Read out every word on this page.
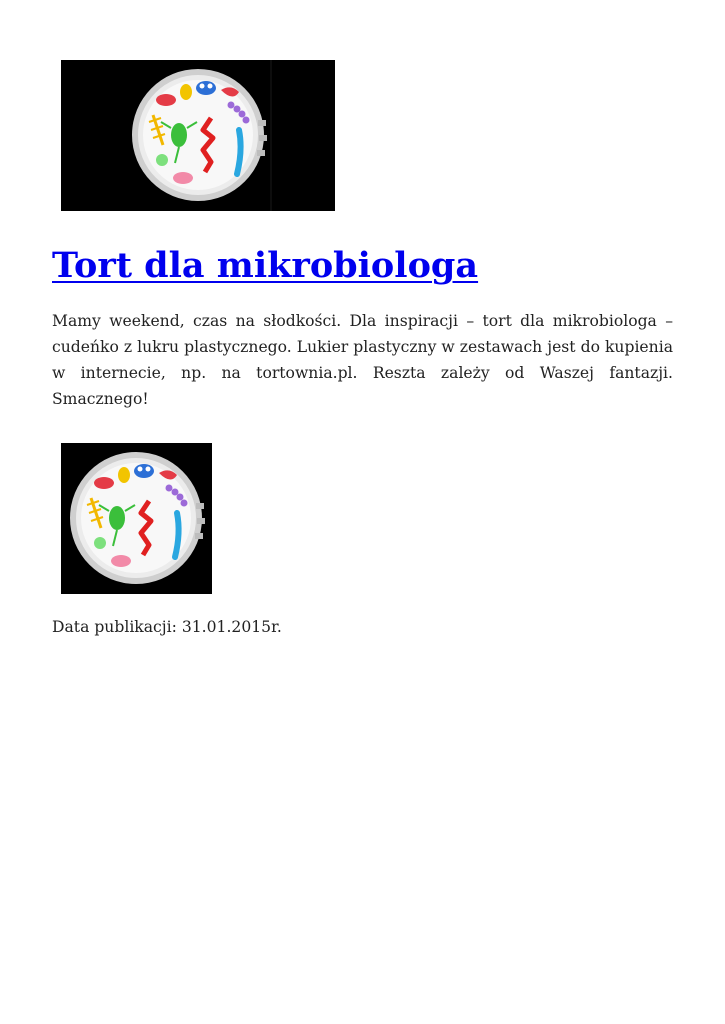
Tort dla mikrobiologa

Mamy weekend, czas na słodkości. Dla inspiracji – tort dla mikrobiologa – cudeńko z lukru plastycznego. Lukier plastyczny w zestawach jest do kupienia w internecie, np. na tortownia.pl. Reszta zależy od Waszej fantazji. Smacznego!

Data publikacji: 31.01.2015r.
